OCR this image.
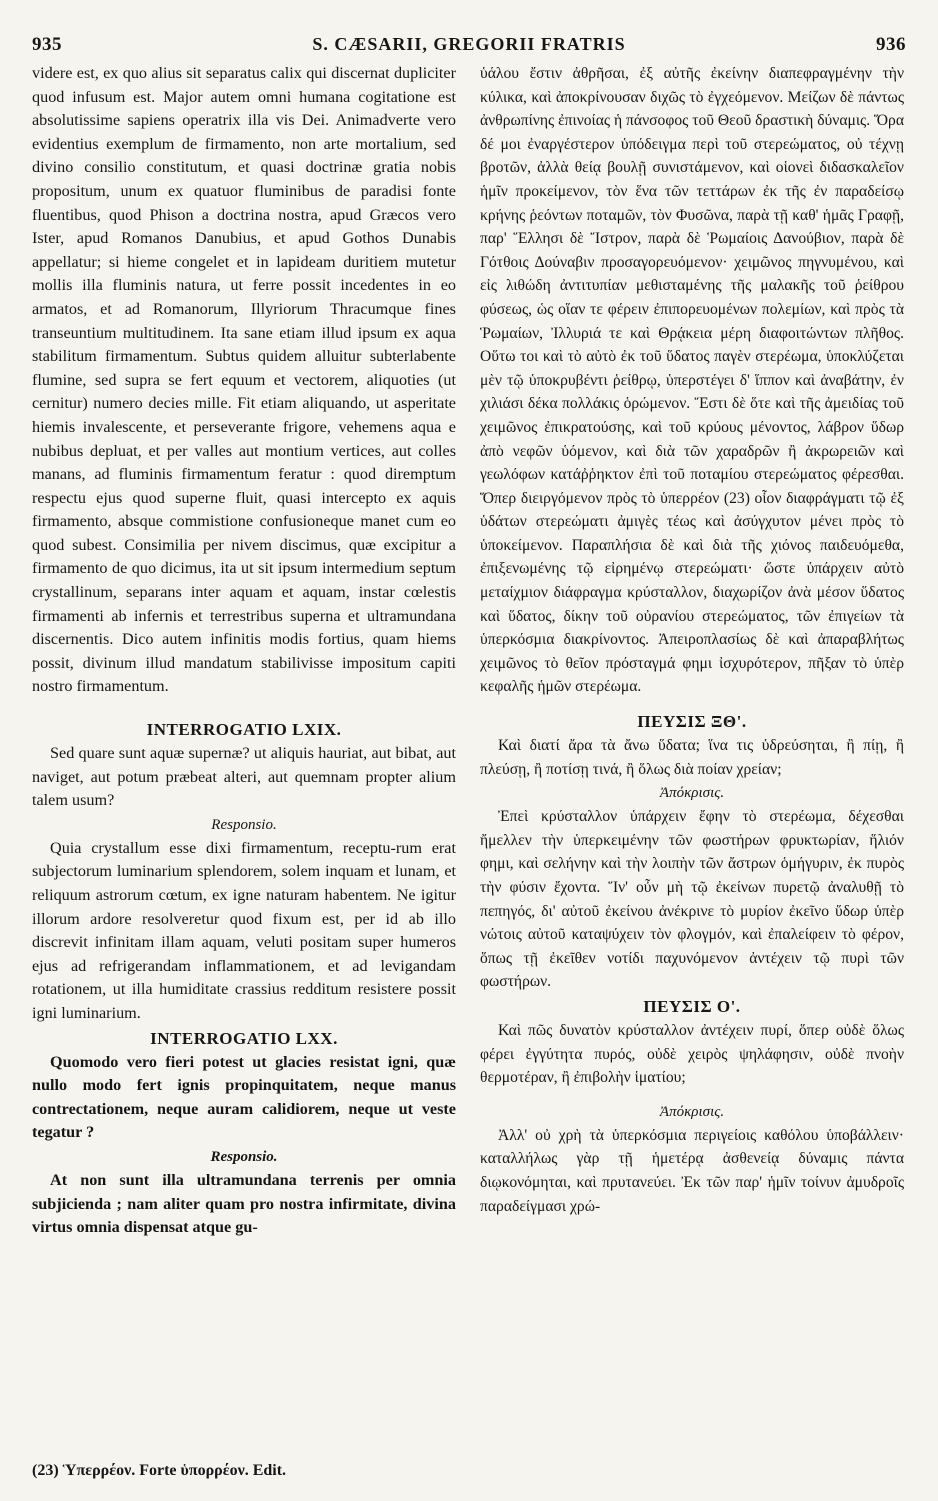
935	S. CÆSARII, GREGORII FRATRIS	936

videre est, ex quo alius sit separatus calix qui discernat dupliciter quod infusum est. Major autem omni humana cogitatione est absolutissime sapiens operatrix illa vis Dei. Animadverte vero evidentius exemplum de firmamento, non arte mortalium, sed divino consilio constitutum, et quasi doctrinæ gratia nobis propositum, unum ex quatuor fluminibus de paradisi fonte fluentibus, quod Phison a doctrina nostra, apud Græcos vero Ister, apud Romanos Danubius, et apud Gothos Dunabis appellatur; si hieme congelet et in lapideam duritiem mutetur mollis illa fluminis natura, ut ferre possit incedentes in eo armatos, et ad Romanorum, Illyriorum Thracumque fines transeuntium multitudinem. Ita sane etiam illud ipsum ex aqua stabilitum firmamentum. Subtus quidem alluitur subterlabente flumine, sed supra se fert equum et vectorem, aliquoties (ut cernitur) numero decies mille. Fit etiam aliquando, ut asperitate hiemis invalescente, et perseverante frigore, vehemens aqua e nubibus depluat, et per valles aut montium vertices, aut colles manans, ad fluminis firmamentum feratur : quod diremptum respectu ejus quod superne fluit, quasi intercepto ex aquis firmamento, absque commistione confusioneque manet cum eo quod subest. Consimilia per nivem discimus, quæ excipitur a firmamento de quo dicimus, ita ut sit ipsum intermedium septum crystallinum, separans inter aquam et aquam, instar cœlestis firmamenti ab infernis et terrestribus superna et ultramundana discernentis. Dico autem infinitis modis fortius, quam hiems possit, divinum illud mandatum stabilivisse impositum capiti nostro firmamentum.

INTERROGATIO LXIX.

Sed quare sunt aquæ supernæ? ut aliquis hauriat, aut bibat, aut naviget, aut potum præbeat alteri, aut quemnam propter alium talem usum?

Responsio.

Quia crystallum esse dixi firmamentum, receptu-rum erat subjectorum luminarium splendorem, solem inquam et lunam, et reliquum astrorum cœtum, ex igne naturam habentem. Ne igitur illorum ardore resolveretur quod fixum est, per id ab illo discrevit infinitam illam aquam, veluti positam super humeros ejus ad refrigerandam inflammationem, et ad levigandam rotationem, ut illa humiditate crassius redditum resistere possit igni luminarium.

INTERROGATIO LXX.

Quomodo vero fieri potest ut glacies resistat igni, quæ nullo modo fert ignis propinquitatem, neque manus contrectationem, neque auram calidiorem, neque ut veste tegatur ?

Responsio.

At non sunt illa ultramundana terrenis per omnia subjicienda ; nam aliter quam pro nostra infirmitate, divina virtus omnia dispensat atque gu-

ὑάλου ἔστιν ἀθρῆσαι, ἐξ αὐτῆς ἐκείνην διαπεφραγμένην τὴν κύλικα, καὶ ἀποκρίνουσαν διχῶς τὸ ἐγχεόμενον. Μείζων δὲ πάντως ἀνθρωπίνης ἐπινοίας ἡ πάνσοφος τοῦ Θεοῦ δραστικὴ δύναμις. Ὅρα δέ μοι ἐναργέστερον ὑπόδειγμα περὶ τοῦ στερεώματος, οὐ τέχνῃ βροτῶν, ἀλλὰ θείᾳ βουλῇ συνιστάμενον, καὶ οἱονεὶ διδασκαλεῖον ἡμῖν προκείμενον, τὸν ἕνα τῶν τεττάρων ἐκ τῆς ἐν παραδείσῳ κρήνης ῥεόντων ποταμῶν, τὸν Φυσῶνα, παρὰ τῇ καθ' ἡμᾶς Γραφῇ, παρ' Ἕλλησι δὲ Ἴστρον, παρὰ δὲ Ῥωμαίοις Δανούβιον, παρὰ δὲ Γότθοις Δούναβιν προσαγορευόμενον· χειμῶνος πηγνυμένου, καὶ εἰς λιθώδη ἀντιτυπίαν μεθισταμένης τῆς μαλακῆς τοῦ ῥείθρου φύσεως, ὡς οἵαν τε φέρειν ἐπιπορευομένων πολεμίων, καὶ πρὸς τὰ Ῥωμαίων, Ἰλλυριά τε καὶ Θρᾴκεια μέρη διαφοιτώντων πλῆθος. Οὕτω τοι καὶ τὸ αὐτὸ ἐκ τοῦ ὕδατος παγὲν στερέωμα, ὑποκλύζεται μὲν τῷ ὑποκρυβέντι ῥείθρῳ, ὑπερστέγει δ' ἵππον καὶ ἀναβάτην, ἐν χιλιάσι δέκα πολλάκις ὁρώμενον. Ἔστι δὲ ὅτε καὶ τῆς ἀμειδίας τοῦ χειμῶνος ἐπικρατούσης, καὶ τοῦ κρύους μένοντος, λάβρον ὕδωρ ἀπὸ νεφῶν ὑόμενον, καὶ διὰ τῶν χαραδρῶν ἢ ἀκρωρειῶν καὶ γεωλόφων κατάῤῥηκτον ἐπὶ τοῦ ποταμίου στερεώματος φέρεσθαι. Ὅπερ διειργόμενον πρὸς τὸ ὑπερρέον (23) οἷον διαφράγματι τῷ ἐξ ὑδάτων στερεώματι ἀμιγὲς τέως καὶ ἀσύγχυτον μένει πρὸς τὸ ὑποκείμενον. Παραπλήσια δὲ καὶ διὰ τῆς χιόνος παιδευόμεθα, ἐπιξενωμένης τῷ εἰρημένῳ στερεώματι· ὥστε ὑπάρχειν αὐτὸ μεταίχμιον διάφραγμα κρύσταλλον, διαχωρίζον ἀνὰ μέσον ὕδατος καὶ ὕδατος, δίκην τοῦ οὐρανίου στερεώματος, τῶν ἐπιγείων τὰ ὑπερκόσμια διακρίνοντος. Ἀπειροπλασίως δὲ καὶ ἀπαραβλήτως χειμῶνος τὸ θεῖον πρόσταγμά φημι ἰσχυρότερον, πῆξαν τὸ ὑπὲρ κεφαλῆς ἡμῶν στερέωμα.

ΠΕΥΣΙΣ ΞΘ'.

Καὶ διατί ἄρα τὰ ἄνω ὕδατα; ἵνα τις ὑδρεύσηται, ἢ πίῃ, ἢ πλεύσῃ, ἢ ποτίσῃ τινά, ἢ ὅλως διὰ ποίαν χρείαν;

Ἀπόκρισις.

Ἐπεὶ κρύσταλλον ὑπάρχειν ἔφην τὸ στερέωμα, δέχεσθαι ἤμελλεν τὴν ὑπερκειμένην τῶν φωστήρων φρυκτωρίαν, ἥλιόν φημι, καὶ σελήνην καὶ τὴν λοιπὴν τῶν ἄστρων ὁμήγυριν, ἐκ πυρὸς τὴν φύσιν ἔχοντα. Ἵν' οὖν μὴ τῷ ἐκείνων πυρετῷ ἀναλυθῇ τὸ πεπηγός, δι' αὐτοῦ ἐκείνου ἀνέκρινε τὸ μυρίον ἐκεῖνο ὕδωρ ὑπὲρ νώτοις αὐτοῦ καταψύχειν τὸν φλογμόν, καὶ ἐπαλείφειν τὸ φέρον, ὅπως τῇ ἐκεῖθεν νοτίδι παχυνόμενον ἀντέχειν τῷ πυρὶ τῶν φωστήρων.

ΠΕΥΣΙΣ Ο'.

Καὶ πῶς δυνατὸν κρύσταλλον ἀντέχειν πυρί, ὅπερ οὐδὲ ὅλως φέρει ἐγγύτητα πυρός, οὐδὲ χειρὸς ψηλάφησιν, οὐδὲ πνοὴν θερμοτέραν, ἢ ἐπιβολὴν ἱματίου;

Ἀπόκρισις.

Ἀλλ' οὐ χρὴ τὰ ὑπερκόσμια περιγείοις καθόλου ὑποβάλλειν· καταλλήλως γὰρ τῇ ἡμετέρᾳ ἀσθενείᾳ δύναμις πάντα διῳκονόμηται, καὶ πρυτανεύει. Ἐκ τῶν παρ' ἡμῖν τοίνυν ἀμυδροῖς παραδείγμασι χρώ-

(23) Ὑπερρέον. Forte ὑπορρέον. Edit.
